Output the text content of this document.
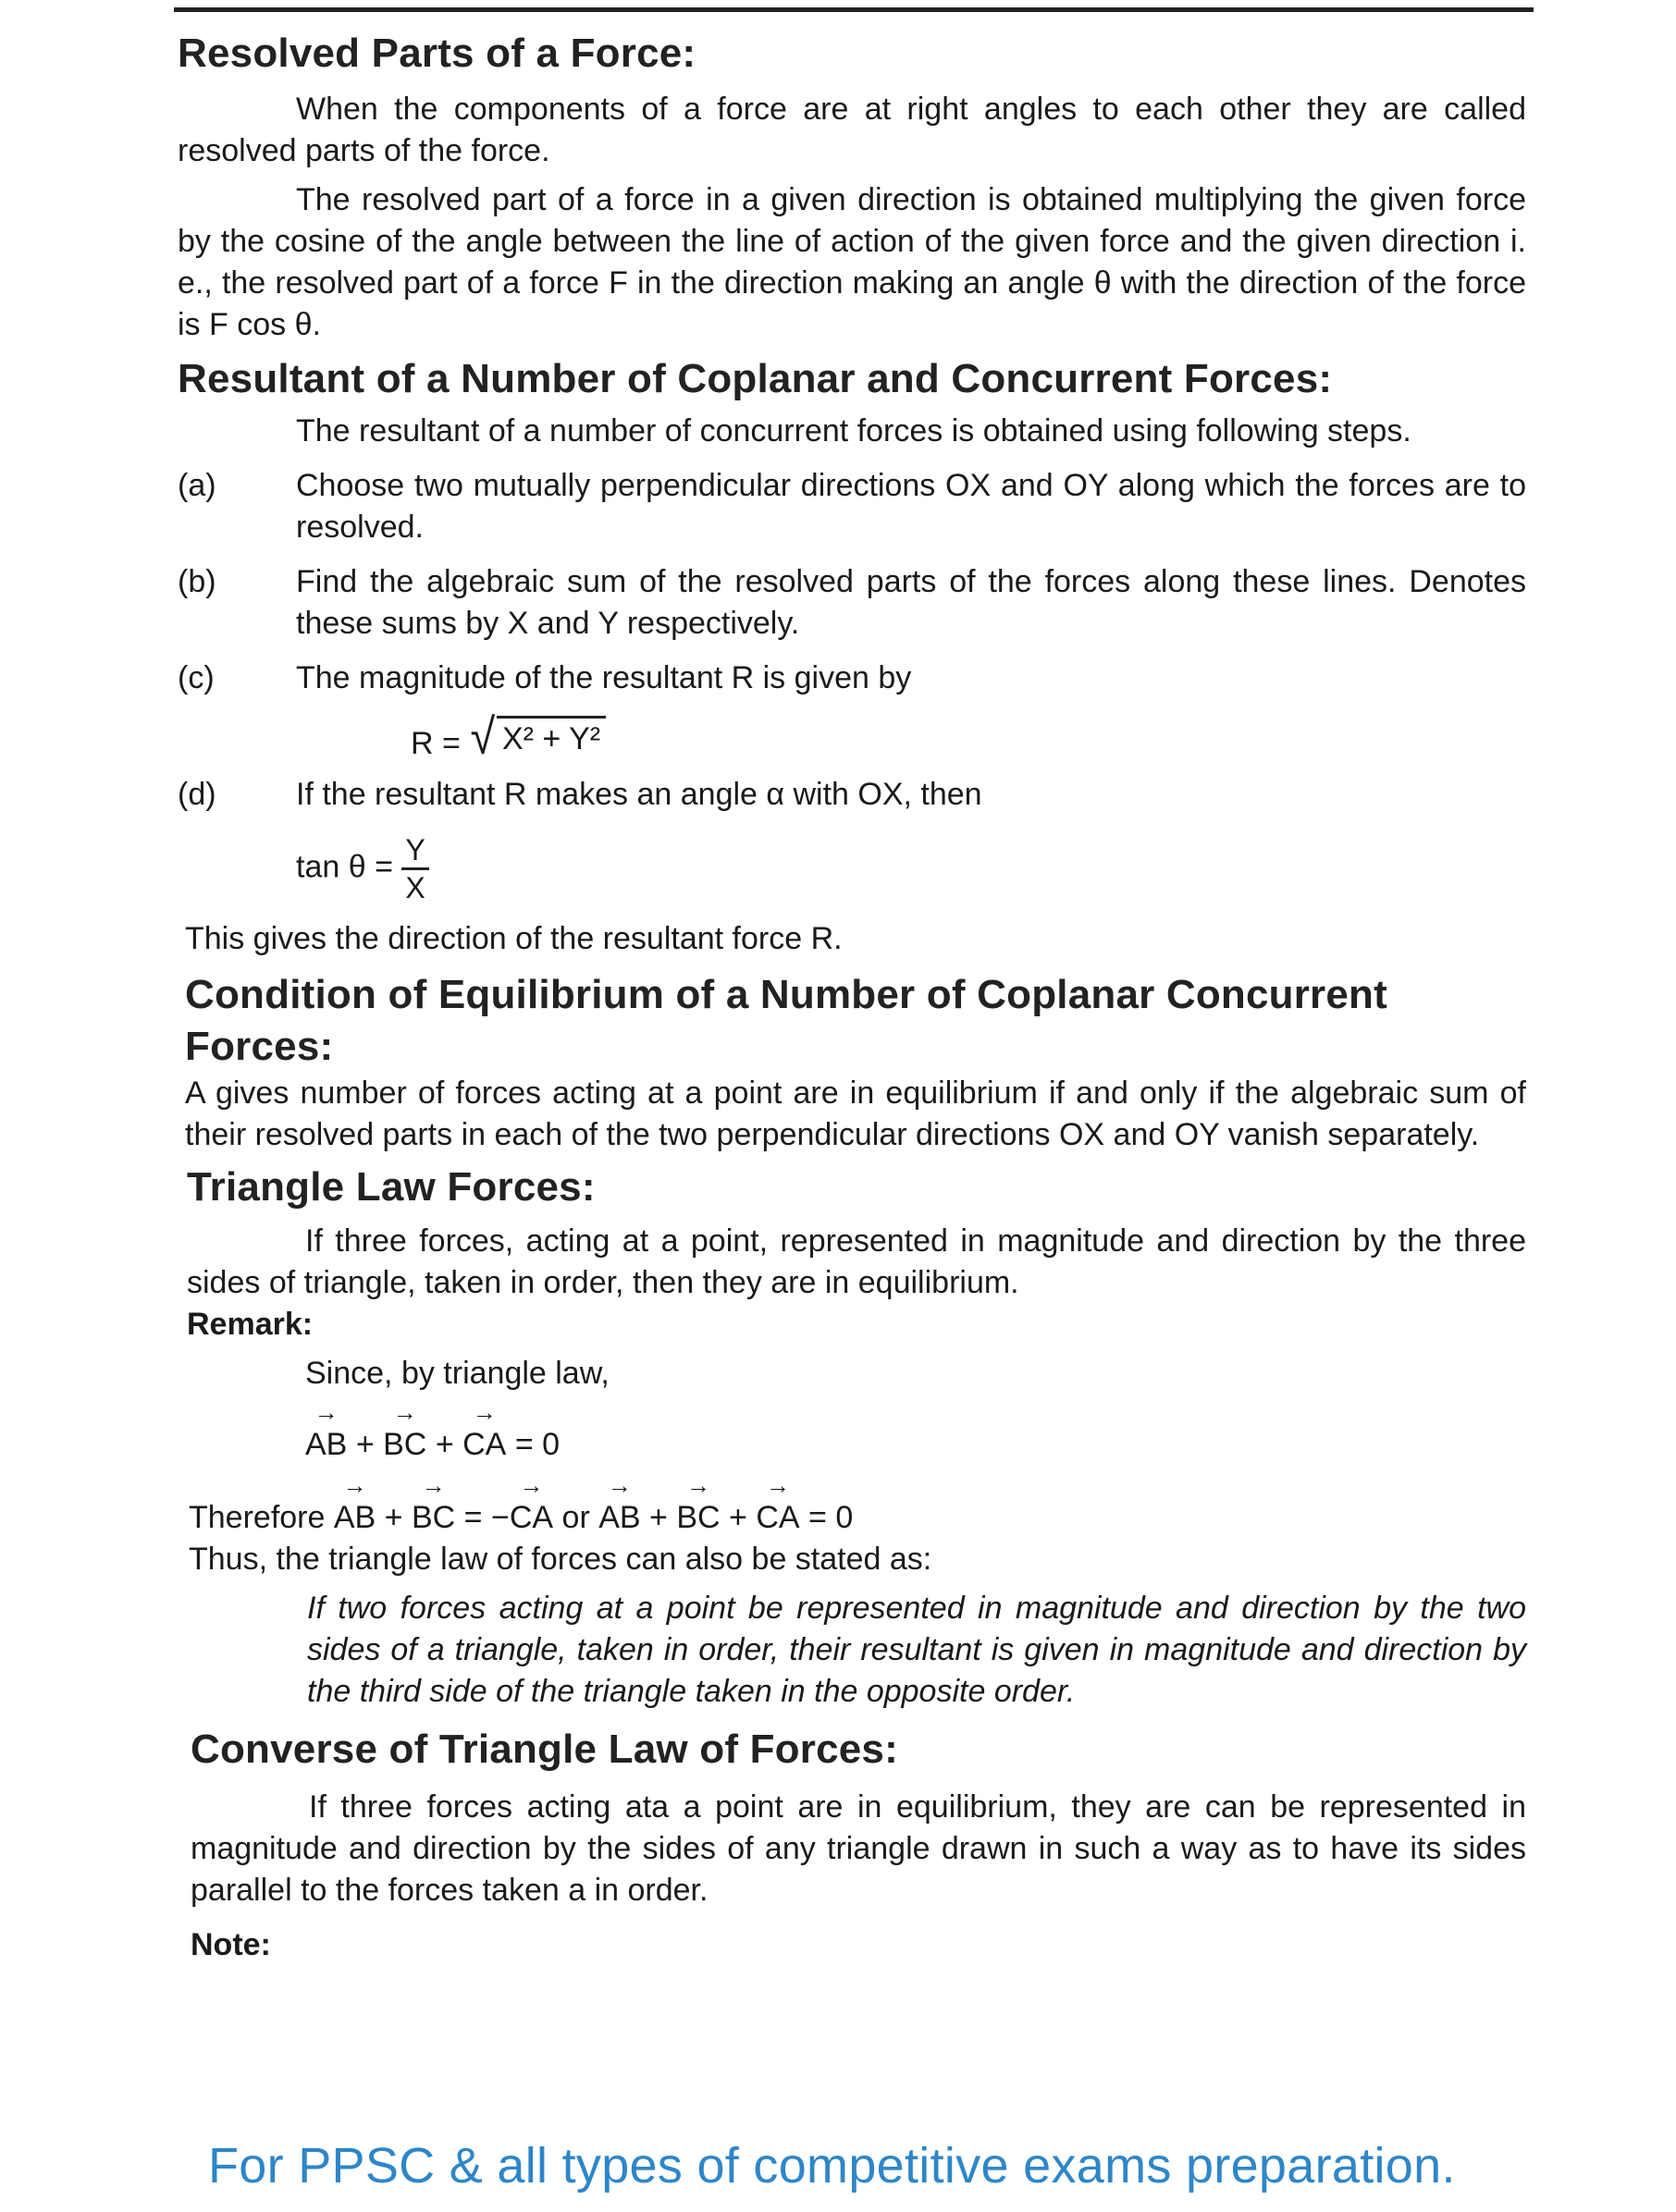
Resolved Parts of a Force:

When the components of a force are at right angles to each other they are called resolved parts of the force.

The resolved part of a force in a given direction is obtained multiplying the given force by the cosine of the angle between the line of action of the given force and the given direction i. e., the resolved part of a force F in the direction making an angle θ with the direction of the force is F cos θ.

Resultant of a Number of Coplanar and Concurrent Forces:

The resultant of a number of concurrent forces is obtained using following steps.

(a)	Choose two mutually perpendicular directions OX and OY along which the forces are to resolved.
(b)	Find the algebraic sum of the resolved parts of the forces along these lines. Denotes these sums by X and Y respectively.
(c)	The magnitude of the resultant R is given by
R = √ X² + Y²
(d)	If the resultant R makes an angle α with OX, then
$\tan \theta = \frac{Y}{X}$

This gives the direction of the resultant force R.

Condition of Equilibrium of a Number of Coplanar Concurrent Forces:

A gives number of forces acting at a point are in equilibrium if and only if the algebraic sum of their resolved parts in each of the two perpendicular directions OX and OY vanish separately.

Triangle Law Forces:

If three forces, acting at a point, represented in magnitude and direction by the three sides of triangle, taken in order, then they are in equilibrium.

Remark:

Since, by triangle law,

→ AB + → BC + → CA = 0
Therefore → AB + → BC = −→ CA or → AB + → BC + → CA = 0

Thus, the triangle law of forces can also be stated as:

If two forces acting at a point be represented in magnitude and direction by the two sides of a triangle, taken in order, their resultant is given in magnitude and direction by the third side of the triangle taken in the opposite order.

Converse of Triangle Law of Forces:

If three forces acting ata a point are in equilibrium, they are can be represented in magnitude and direction by the sides of any triangle drawn in such a way as to have its sides parallel to the forces taken a in order.

Note:
For PPSC & all types of competitive exams preparation.
